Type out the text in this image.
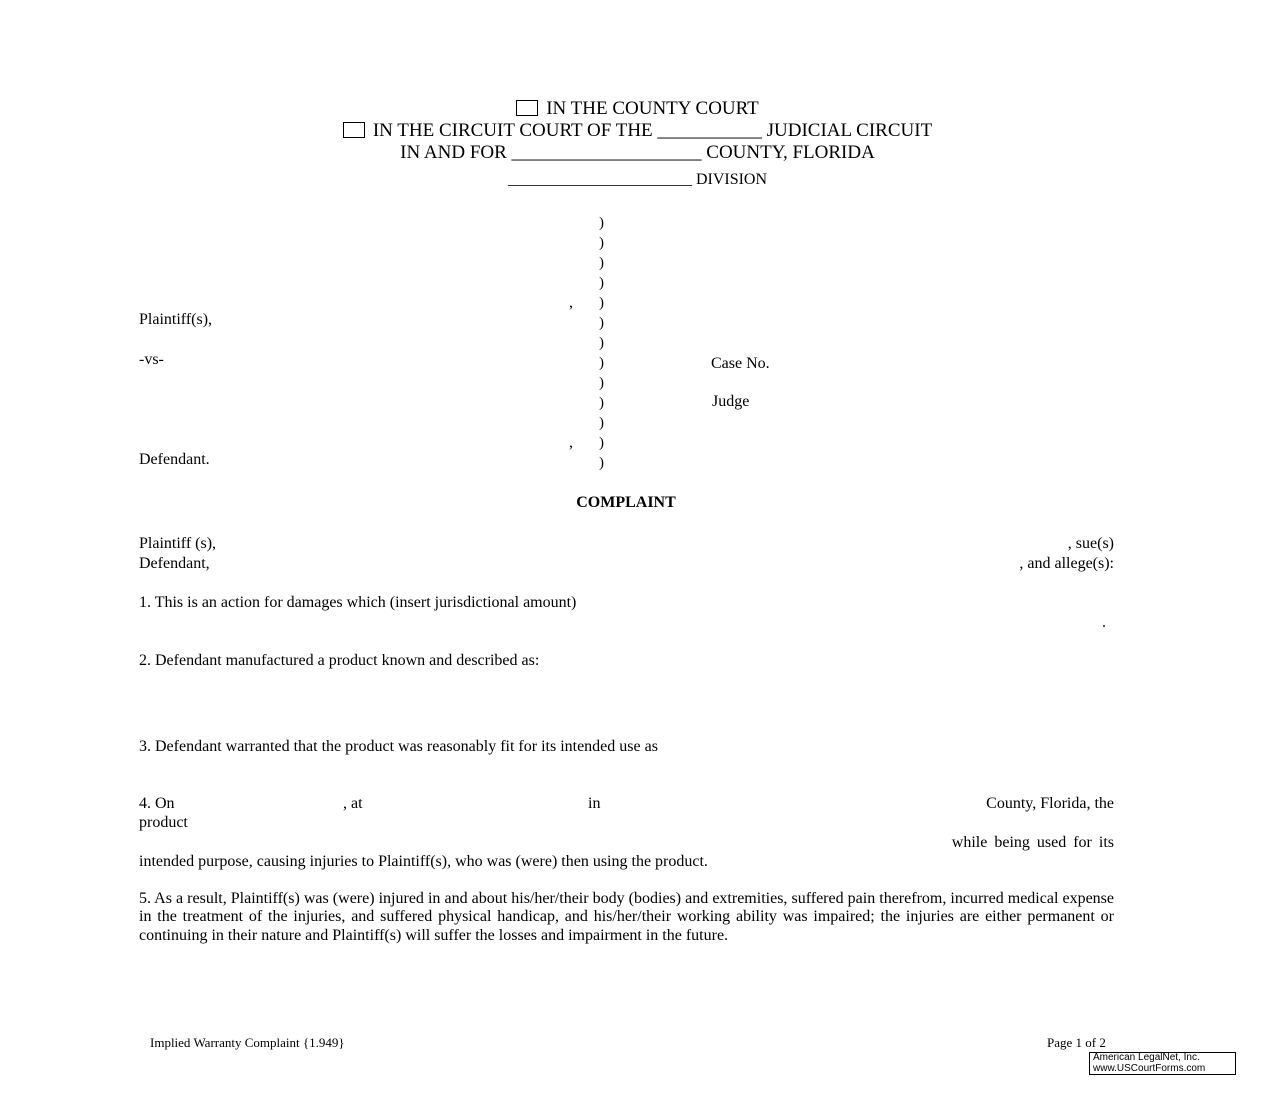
IN THE COUNTY COURT
IN THE CIRCUIT COURT OF THE ___________ JUDICIAL CIRCUIT
IN AND FOR ____________________ COUNTY, FLORIDA
_______________________ DIVISION
)
)
)
)
)
)
)
)
)
)
)
)
)
,
,
Plaintiff(s),
-vs-
Defendant.
Case No.
Judge
COMPLAINT
Plaintiff (s),	, sue(s)
Defendant,	, and allege(s):
1. This is an action for damages which (insert jurisdictional amount)
.
2. Defendant manufactured a product known and described as:
3. Defendant warranted that the product was reasonably fit for its intended use as
4. On	, at	in	County, Florida, the
product
while being used for its
intended purpose, causing injuries to Plaintiff(s), who was (were) then using the product.
5. As a result, Plaintiff(s) was (were) injured in and about his/her/their body (bodies) and extremities, suffered pain therefrom, incurred medical expense in the treatment of the injuries, and suffered physical handicap, and his/her/their working ability was impaired; the injuries are either permanent or continuing in their nature and Plaintiff(s) will suffer the losses and impairment in the future.
Implied Warranty Complaint {1.949}	Page 1 of 2
American LegalNet, Inc.
www.USCourtForms.com
